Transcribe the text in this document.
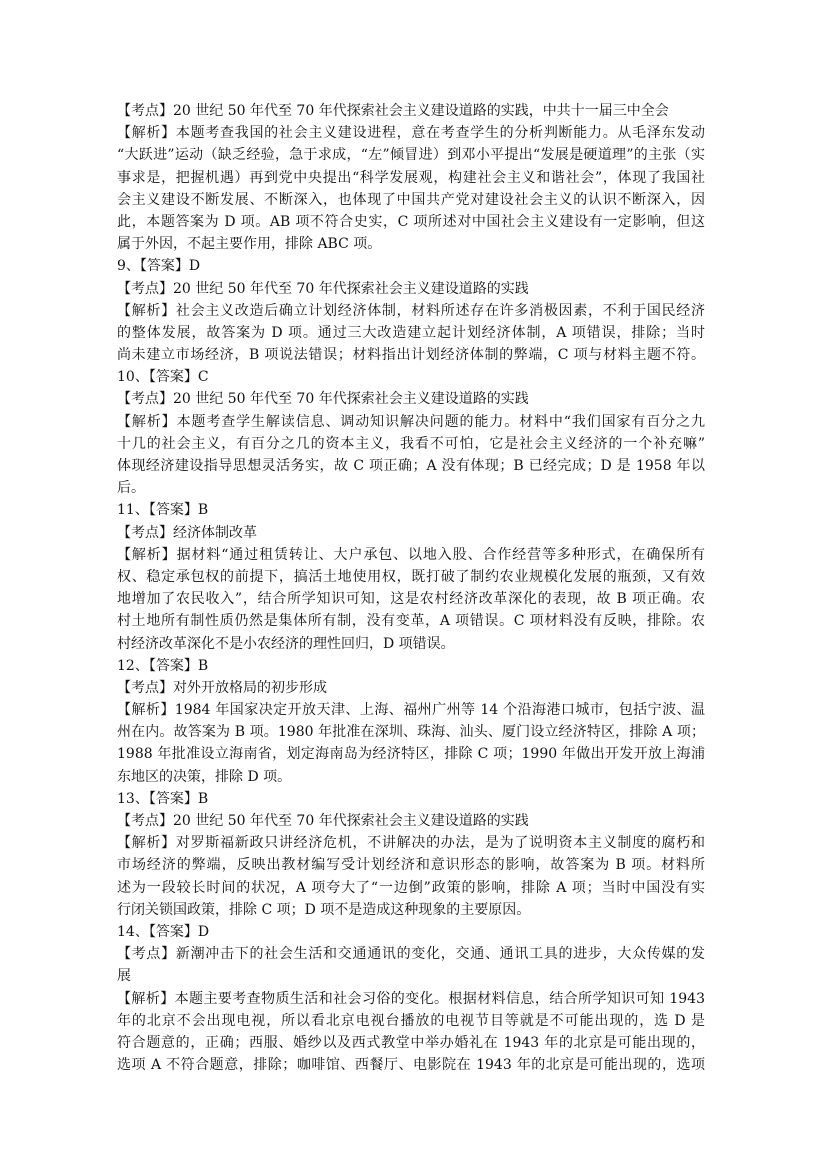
【考点】20 世纪 50 年代至 70 年代探索社会主义建设道路的实践，中共十一届三中全会
【解析】本题考查我国的社会主义建设进程，意在考查学生的分析判断能力。从毛泽东发动
“大跃进”运动（缺乏经验，急于求成，“左”倾冒进）到邓小平提出“发展是硬道理”的主张（实
事求是，把握机遇）再到党中央提出“科学发展观，构建社会主义和谐社会”，体现了我国社
会主义建设不断发展、不断深入，也体现了中国共产党对建设社会主义的认识不断深入，因
此，本题答案为 D 项。AB 项不符合史实，C 项所述对中国社会主义建设有一定影响，但这
属于外因，不起主要作用，排除 ABC 项。
9、【答案】D
【考点】20 世纪 50 年代至 70 年代探索社会主义建设道路的实践
【解析】社会主义改造后确立计划经济体制，材料所述存在许多消极因素，不利于国民经济
的整体发展，故答案为 D 项。通过三大改造建立起计划经济体制，A 项错误，排除；当时
尚未建立市场经济，B 项说法错误；材料指出计划经济体制的弊端，C 项与材料主题不符。
10、【答案】C
【考点】20 世纪 50 年代至 70 年代探索社会主义建设道路的实践
【解析】本题考查学生解读信息、调动知识解决问题的能力。材料中“我们国家有百分之九
十几的社会主义，有百分之几的资本主义，我看不可怕，它是社会主义经济的一个补充嘛”
体现经济建设指导思想灵活务实，故 C 项正确；A 没有体现；B 已经完成；D 是 1958 年以
后。
11、【答案】B
【考点】经济体制改革
【解析】据材料“通过租赁转让、大户承包、以地入股、合作经营等多种形式，在确保所有
权、稳定承包权的前提下，搞活土地使用权，既打破了制约农业规模化发展的瓶颈，又有效
地增加了农民收入”，结合所学知识可知，这是农村经济改革深化的表现，故 B 项正确。农
村土地所有制性质仍然是集体所有制，没有变革，A 项错误。C 项材料没有反映，排除。农
村经济改革深化不是小农经济的理性回归，D 项错误。
12、【答案】B
【考点】对外开放格局的初步形成
【解析】1984 年国家决定开放天津、上海、福州广州等 14 个沿海港口城市，包括宁波、温
州在内。故答案为 B 项。1980 年批准在深圳、珠海、汕头、厦门设立经济特区，排除 A 项；
1988 年批准设立海南省，划定海南岛为经济特区，排除 C 项；1990 年做出开发开放上海浦
东地区的决策，排除 D 项。
13、【答案】B
【考点】20 世纪 50 年代至 70 年代探索社会主义建设道路的实践
【解析】对罗斯福新政只讲经济危机，不讲解决的办法，是为了说明资本主义制度的腐朽和
市场经济的弊端，反映出教材编写受计划经济和意识形态的影响，故答案为 B 项。材料所
述为一段较长时间的状况，A 项夸大了“一边倒”政策的影响，排除 A 项；当时中国没有实
行闭关锁国政策，排除 C 项；D 项不是造成这种现象的主要原因。
14、【答案】D
【考点】新潮冲击下的社会生活和交通通讯的变化，交通、通讯工具的进步，大众传媒的发
展
【解析】本题主要考查物质生活和社会习俗的变化。根据材料信息，结合所学知识可知 1943
年的北京不会出现电视，所以看北京电视台播放的电视节目等就是不可能出现的，选 D 是
符合题意的，正确；西服、婚纱以及西式教堂中举办婚礼在 1943 年的北京是可能出现的，
选项 A 不符合题意，排除；咖啡馆、西餐厅、电影院在 1943 年的北京是可能出现的，选项
